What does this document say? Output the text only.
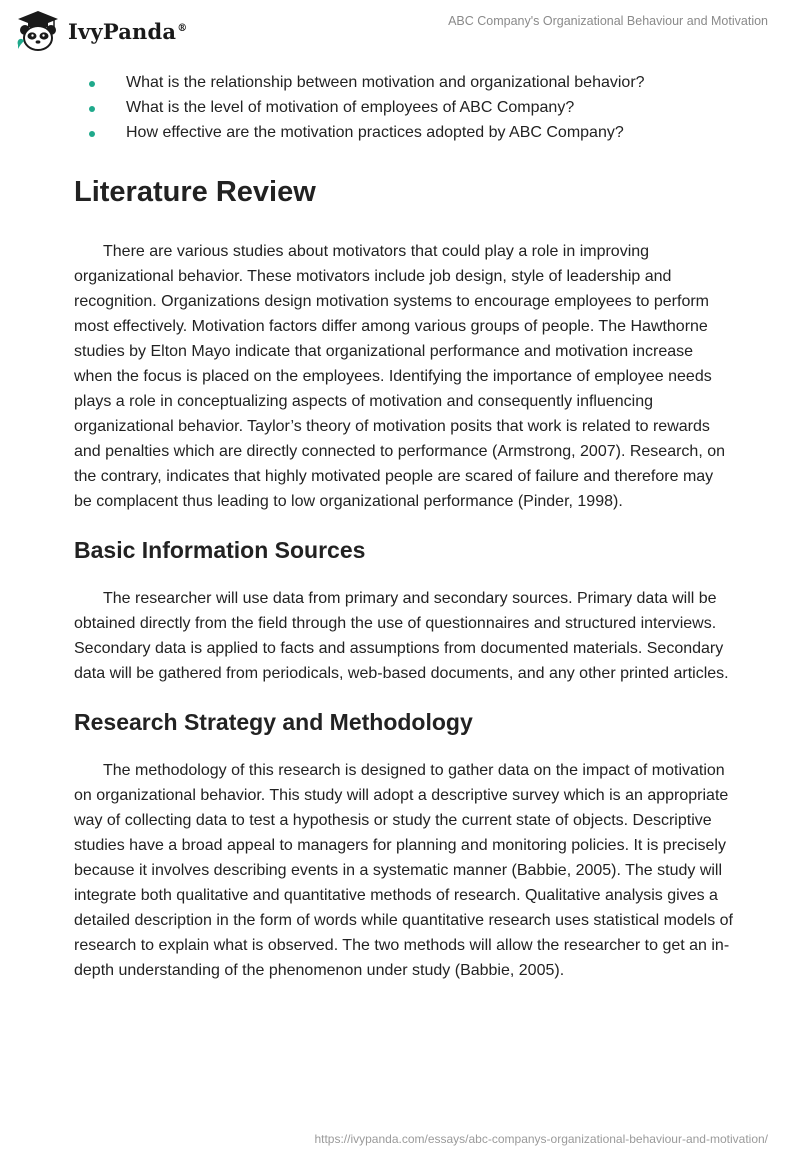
IvyPanda®	ABC Company's Organizational Behaviour and Motivation
What is the relationship between motivation and organizational behavior?
What is the level of motivation of employees of ABC Company?
How effective are the motivation practices adopted by ABC Company?
Literature Review

There are various studies about motivators that could play a role in improving organizational behavior. These motivators include job design, style of leadership and recognition. Organizations design motivation systems to encourage employees to perform most effectively. Motivation factors differ among various groups of people. The Hawthorne studies by Elton Mayo indicate that organizational performance and motivation increase when the focus is placed on the employees. Identifying the importance of employee needs plays a role in conceptualizing aspects of motivation and consequently influencing organizational behavior. Taylor’s theory of motivation posits that work is related to rewards and penalties which are directly connected to performance (Armstrong, 2007). Research, on the contrary, indicates that highly motivated people are scared of failure and therefore may be complacent thus leading to low organizational performance (Pinder, 1998).

Basic Information Sources

The researcher will use data from primary and secondary sources. Primary data will be obtained directly from the field through the use of questionnaires and structured interviews. Secondary data is applied to facts and assumptions from documented materials. Secondary data will be gathered from periodicals, web-based documents, and any other printed articles.

Research Strategy and Methodology

The methodology of this research is designed to gather data on the impact of motivation on organizational behavior. This study will adopt a descriptive survey which is an appropriate way of collecting data to test a hypothesis or study the current state of objects. Descriptive studies have a broad appeal to managers for planning and monitoring policies. It is precisely because it involves describing events in a systematic manner (Babbie, 2005). The study will integrate both qualitative and quantitative methods of research. Qualitative analysis gives a detailed description in the form of words while quantitative research uses statistical models of research to explain what is observed. The two methods will allow the researcher to get an in-depth understanding of the phenomenon under study (Babbie, 2005).

https://ivypanda.com/essays/abc-companys-organizational-behaviour-and-motivation/
